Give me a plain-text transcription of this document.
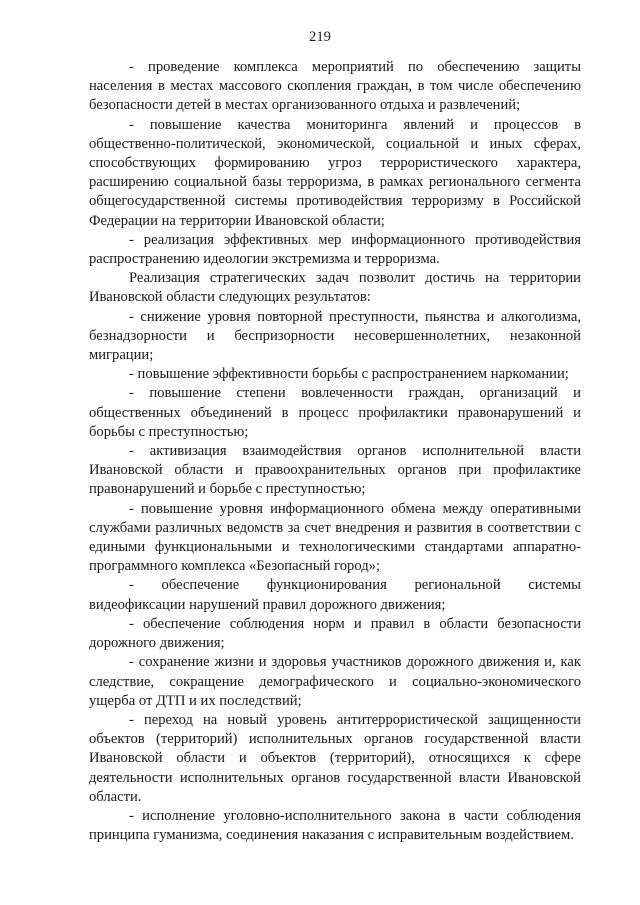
219

- проведение комплекса мероприятий по обеспечению защиты населения в местах массового скопления граждан, в том числе обеспечению безопасности детей в местах организованного отдыха и развлечений;

- повышение качества мониторинга явлений и процессов в общественно-политической, экономической, социальной и иных сферах, способствующих формированию угроз террористического характера, расширению социальной базы терроризма, в рамках регионального сегмента общегосударственной системы противодействия терроризму в Российской Федерации на территории Ивановской области;

- реализация эффективных мер информационного противодействия распространению идеологии экстремизма и терроризма.

Реализация стратегических задач позволит достичь на территории Ивановской области следующих результатов:

- снижение уровня повторной преступности, пьянства и алкоголизма, безнадзорности и беспризорности несовершеннолетних, незаконной миграции;

- повышение эффективности борьбы с распространением наркомании;

- повышение степени вовлеченности граждан, организаций и общественных объединений в процесс профилактики правонарушений и борьбы с преступностью;

- активизация взаимодействия органов исполнительной власти Ивановской области и правоохранительных органов при профилактике правонарушений и борьбе с преступностью;

- повышение уровня информационного обмена между оперативными службами различных ведомств за счет внедрения и развития в соответствии с едиными функциональными и технологическими стандартами аппаратно-программного комплекса «Безопасный город»;

- обеспечение функционирования региональной системы видеофиксации нарушений правил дорожного движения;

- обеспечение соблюдения норм и правил в области безопасности дорожного движения;

- сохранение жизни и здоровья участников дорожного движения и, как следствие, сокращение демографического и социально-экономического ущерба от ДТП и их последствий;

- переход на новый уровень антитеррористической защищенности объектов (территорий) исполнительных органов государственной власти Ивановской области и объектов (территорий), относящихся к сфере деятельности исполнительных органов государственной власти Ивановской области.

- исполнение уголовно-исполнительного закона в части соблюдения принципа гуманизма, соединения наказания с исправительным воздействием.
